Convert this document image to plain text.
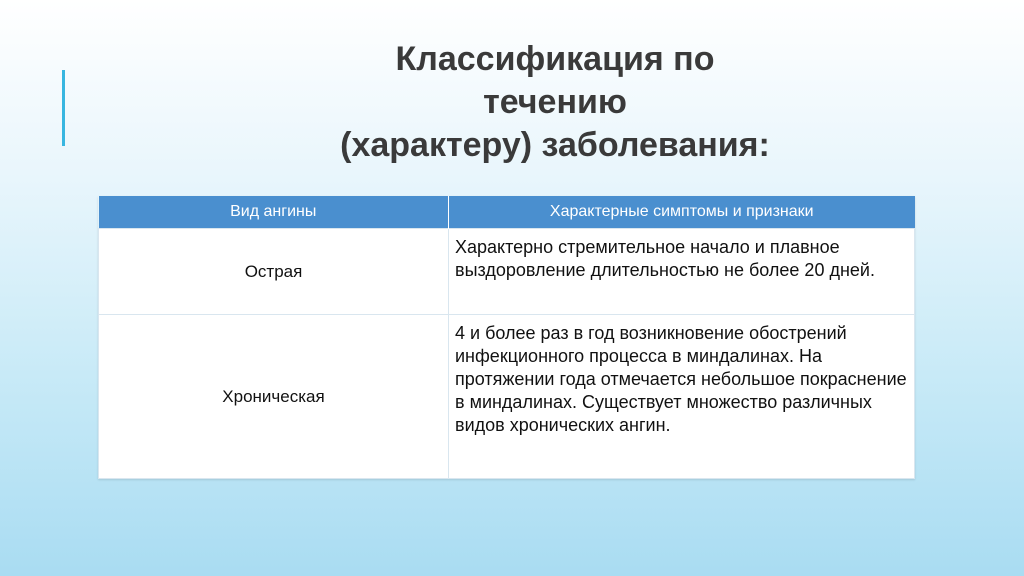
Классификация по
течению
(характеру) заболевания:
Вид ангины	Характерные симптомы и признаки
Острая	Характерно стремительное начало и плавное выздоровление длительностью не более 20 дней.
Хроническая	4 и более раз в год возникновение обострений инфекционного процесса в миндалинах. На протяжении года отмечается небольшое покраснение в миндалинах. Существует множество различных видов хронических ангин.
